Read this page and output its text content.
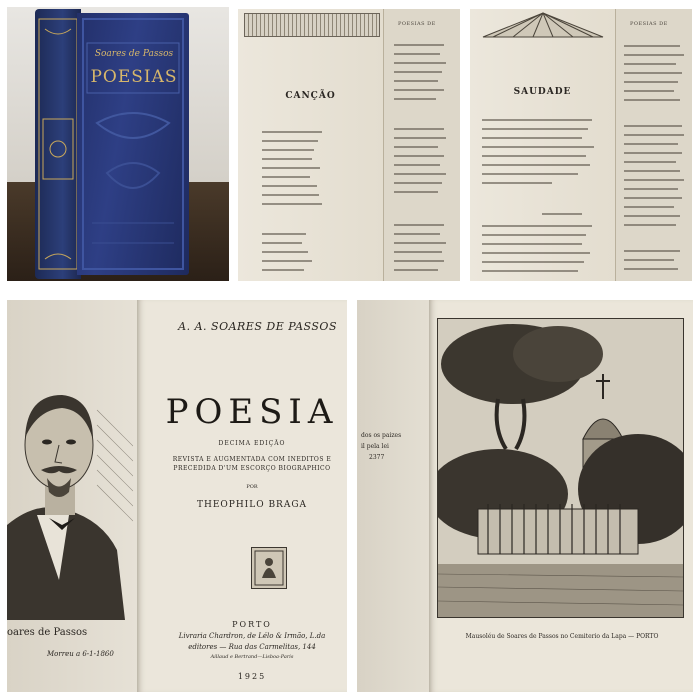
Soares de Passos
POESIAS
CANÇÃO
POESIAS DE
SAUDADE
POESIAS DE
oares de Passos
Morreu a 6-1-1860
A. A. SOARES DE PASSOS
POESIA
DECIMA EDIÇÃO
REVISTA E AUGMENTADA COM INEDITOS E
PRECEDIDA D'UM ESCORÇO BIOGRAPHICO
POR
THEOPHILO BRAGA
PORTO
Livraria Chardron, de Lélo & Irmão, L.da
editores — Rua das Carmelitas, 144
Aillaud e Bertrand—Lisboa-Paris
1925
dos os paizes
il pela lei
2377
Mausoléu de Soares de Passos no Cemiterio da Lapa — PORTO
